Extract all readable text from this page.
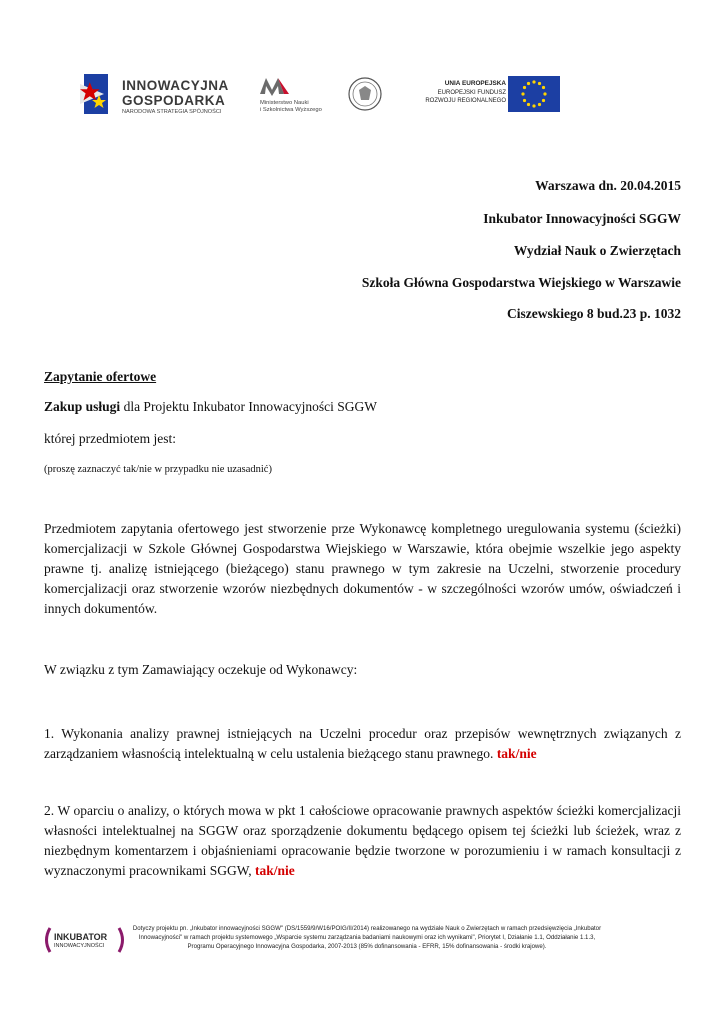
INNOWACYJNA
GOSPODARKA
NARODOWA STRATEGIA SPÓJNOŚCI
Ministerstwo Nauki
i Szkolnictwa Wyższego
UNIA EUROPEJSKA
EUROPEJSKI FUNDUSZ
ROZWOJU REGIONALNEGO
Warszawa dn. 20.04.2015
Inkubator Innowacyjności SGGW
Wydział Nauk o Zwierzętach
Szkoła Główna Gospodarstwa Wiejskiego w Warszawie
Ciszewskiego 8 bud.23 p. 1032
Zapytanie ofertowe
Zakup usługi dla Projektu Inkubator Innowacyjności SGGW
której przedmiotem jest:
(proszę zaznaczyć tak/nie w przypadku nie uzasadnić)
Przedmiotem zapytania ofertowego jest stworzenie prze Wykonawcę kompletnego uregulowania systemu (ścieżki) komercjalizacji w Szkole Głównej Gospodarstwa Wiejskiego w Warszawie, która obejmie wszelkie jego aspekty prawne tj. analizę istniejącego (bieżącego) stanu prawnego w tym zakresie na Uczelni, stworzenie procedury komercjalizacji oraz stworzenie wzorów niezbędnych dokumentów - w szczególności wzorów umów, oświadczeń i innych dokumentów.
W związku z tym Zamawiający oczekuje od Wykonawcy:
1. Wykonania analizy prawnej istniejących na Uczelni procedur oraz przepisów wewnętrznych związanych z zarządzaniem własnością intelektualną w celu ustalenia bieżącego stanu prawnego. tak/nie
2. W oparciu o analizy, o których mowa w pkt 1 całościowe opracowanie prawnych aspektów ścieżki komercjalizacji własności intelektualnej na SGGW oraz sporządzenie dokumentu będącego opisem tej ścieżki lub ścieżek, wraz z niezbędnym komentarzem i objaśnieniami opracowanie będzie tworzone w porozumieniu i w ramach konsultacji z wyznaczonymi pracownikami SGGW, tak/nie
INKUBATOR
INNOWACYJNOŚCI
Dotyczy projektu pn. „Inkubator innowacyjności SGGW" (DS/1559/9/W16/POIG/II/2014) realizowanego na wydziale Nauk o Zwierzętach w ramach przedsięwzięcia „Inkubator Innowacyjności" w ramach projektu systemowego „Wsparcie systemu zarządzania badaniami naukowymi oraz ich wynikami", Priorytet I, Działanie 1.1, Oddziałanie 1.1.3, Programu Operacyjnego Innowacyjna Gospodarka, 2007-2013 (85% dofinansowania - EFRR, 15% dofinansowania - środki krajowe).
